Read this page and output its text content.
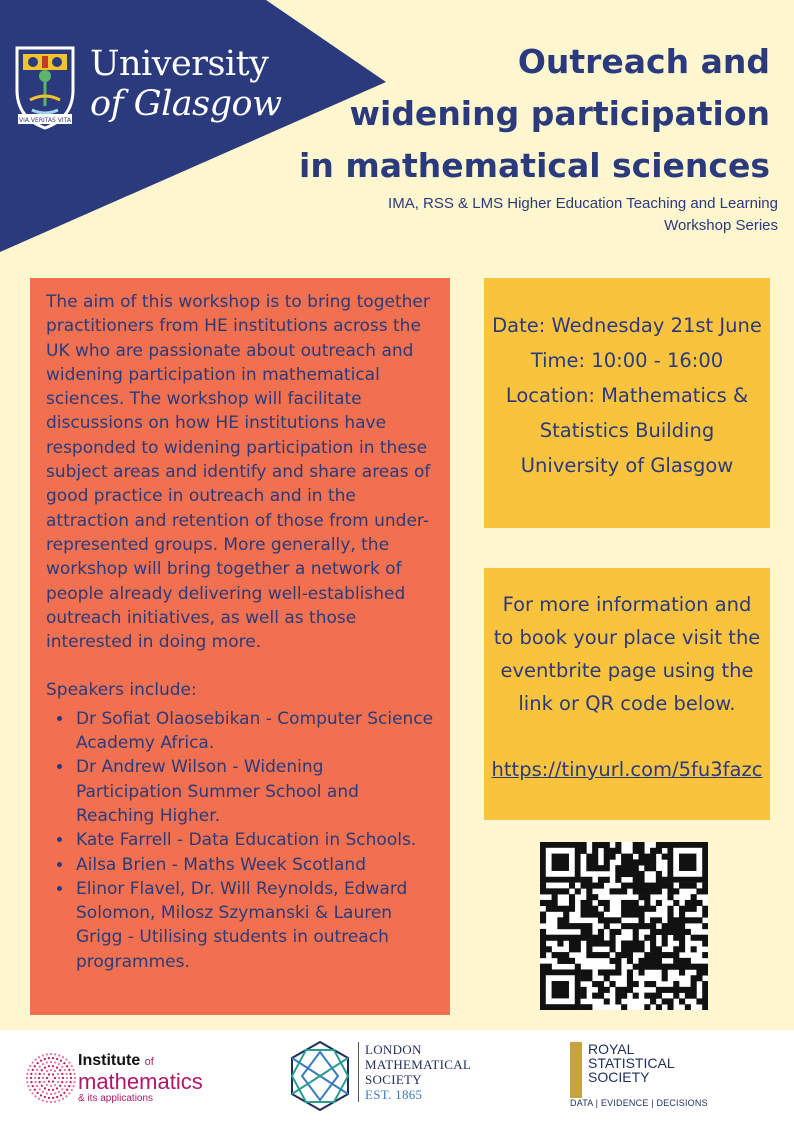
VIA VERITAS VITA
University
of Glasgow
Outreach and
widening participation
in mathematical sciences
IMA, RSS & LMS Higher Education Teaching and Learning
Workshop Series

The aim of this workshop is to bring together practitioners from HE institutions across the UK who are passionate about outreach and widening participation in mathematical sciences. The workshop will facilitate discussions on how HE institutions have responded to widening participation in these subject areas and identify and share areas of good practice in outreach and in the attraction and retention of those from under-represented groups. More generally, the workshop will bring together a network of people already delivering well-established outreach initiatives, as well as those interested in doing more.

Speakers include:

• Dr Sofiat Olaosebikan - Computer Science Academy Africa.
• Dr Andrew Wilson - Widening Participation Summer School and Reaching Higher.
• Kate Farrell - Data Education in Schools.
• Ailsa Brien - Maths Week Scotland
• Elinor Flavel, Dr. Will Reynolds, Edward Solomon, Milosz Szymanski & Lauren Grigg - Utilising students in outreach programmes.
Date: Wednesday 21st June
Time: 10:00 - 16:00
Location: Mathematics &
Statistics Building
University of Glasgow
For more information and
to book your place visit the
eventbrite page using the
link or QR code below.
https://tinyurl.com/5fu3fazc
Institute of
mathematics
& its applications
LONDON
MATHEMATICAL
SOCIETY
EST. 1865
ROYAL
STATISTICAL
SOCIETY
DATA | EVIDENCE | DECISIONS
